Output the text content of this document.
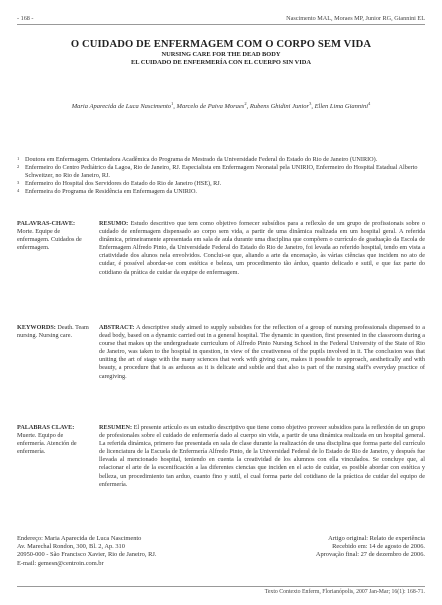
- 168 -	Nascimento MAL, Moraes MP, Junior RG, Giannini EL
O CUIDADO DE ENFERMAGEM COM O CORPO SEM VIDA
NURSING CARE FOR THE DEAD BODY
EL CUIDADO DE ENFERMERÍA CON EL CUERPO SIN VIDA
Maria Aparecida de Luca Nascimento$^1$, Marcelo de Paiva Moraes$^2$, Rubens Ghidini Junior$^3$, Ellen Lima Giannini$^4$
1 Doutora em Enfermagem. Orientadora Acadêmica do Programa de Mestrado da Universidade Federal do Estado do Rio de Janeiro (UNIRIO).
2 Enfermeiro do Centro Pediátrico da Lagoa, Rio de Janeiro, RJ. Especialista em Enfermagem Neonatal pela UNIRIO, Enfermeiro do Hospital Estadual Alberto Schweitzer, no Rio de Janeiro, RJ.
3 Enfermeiro do Hospital dos Servidores do Estado do Rio de Janeiro (HSE), RJ.
4 Enfermeira do Programa de Residência em Enfermagem da UNIRIO.
PALAVRAS-CHAVE: Morte. Equipe de enfermagem. Cuidados de enfermagem.
RESUMO: Estudo descritivo que tem como objetivo fornecer subsídios para a reflexão de um grupo de profissionais sobre o cuidado de enfermagem dispensado ao corpo sem vida, a partir de uma dinâmica realizada em um hospital geral. A referida dinâmica, primeiramente apresentada em sala de aula durante uma disciplina que compõem o currículo de graduação da Escola de Enfermagem Alfredo Pinto, da Universidade Federal do Estado do Rio de Janeiro, foi levada ao referido hospital, tendo em vista a criatividade dos alunos nela envolvidos. Conclui-se que, aliando a arte da encenação, às várias ciências que incidem no ato de cuidar, é possível abordar-se com estética e beleza, um procedimento tão árduo, quanto delicado e sutil, e que faz parte do cotidiano da prática de cuidar da equipe de enfermagem.
KEYWORDS: Death. Team nursing. Nursing care.
ABSTRACT: A descriptive study aimed to supply subsidies for the reflection of a group of nursing professionals dispensed to a dead body, based on a dynamic carried out in a general hospital. The dynamic in question, first presented in the classroom during a course that makes up the undergraduate curriculum of Alfredo Pinto Nursing School in the Federal University of the State of Rio de Janeiro, was taken to the hospital in question, in view of the creativeness of the pupils involved in it. The conclusion was that uniting the art of stage with the many sciences that work with giving care, makes it possible to approach, aesthetically and with beauty, a procedure that is as arduous as it is delicate and subtle and that also is part of the nursing staff's everyday practice of caregiving.
PALABRAS CLAVE: Muerte. Equipo de enfermería. Atención de enfermería.
RESUMEN: El presente artículo es un estudio descriptivo que tiene como objetivo proveer subsidios para la reflexión de un grupo de profesionales sobre el cuidado de enfermería dado al cuerpo sin vida, a partir de una dinámica realizada en un hospital general. La referida dinámica, primero fue presentada en sala de clase durante la realización de una disciplina que forma parte del currículo de licenciatura de la Escuela de Enfermería Alfredo Pinto, de la Universidad Federal de lo Estado de Rio de Janeiro, y después fue llevada al mencionado hospital, teniendo en cuenta la creatividad de los alumnos con ella vinculados. Se concluye que, al relacionar el arte de la escenificación a las diferentes ciencias que inciden en el acto de cuidar, es posible abordar con estética y belleza, un procedimiento tan arduo, cuanto fino y sutil, el cual forma parte del cotidiano de la práctica de cuidar del equipo de enfermería.
Endereço: Maria Aparecida de Luca Nascimento
Av. Marechal Rondon, 300, Bl. 2, Ap. 310
20950-000 - São Francisco Xavier, Rio de Janeiro, RJ.
E-mail: gemesn@centroin.com.br
Artigo original: Relato de experiência
Recebido em: 14 de agosto de 2006.
Aprovação final: 27 de dezembro de 2006.
Texto Contexto Enferm, Florianópolis, 2007 Jan-Mar; 16(1): 168-71.
